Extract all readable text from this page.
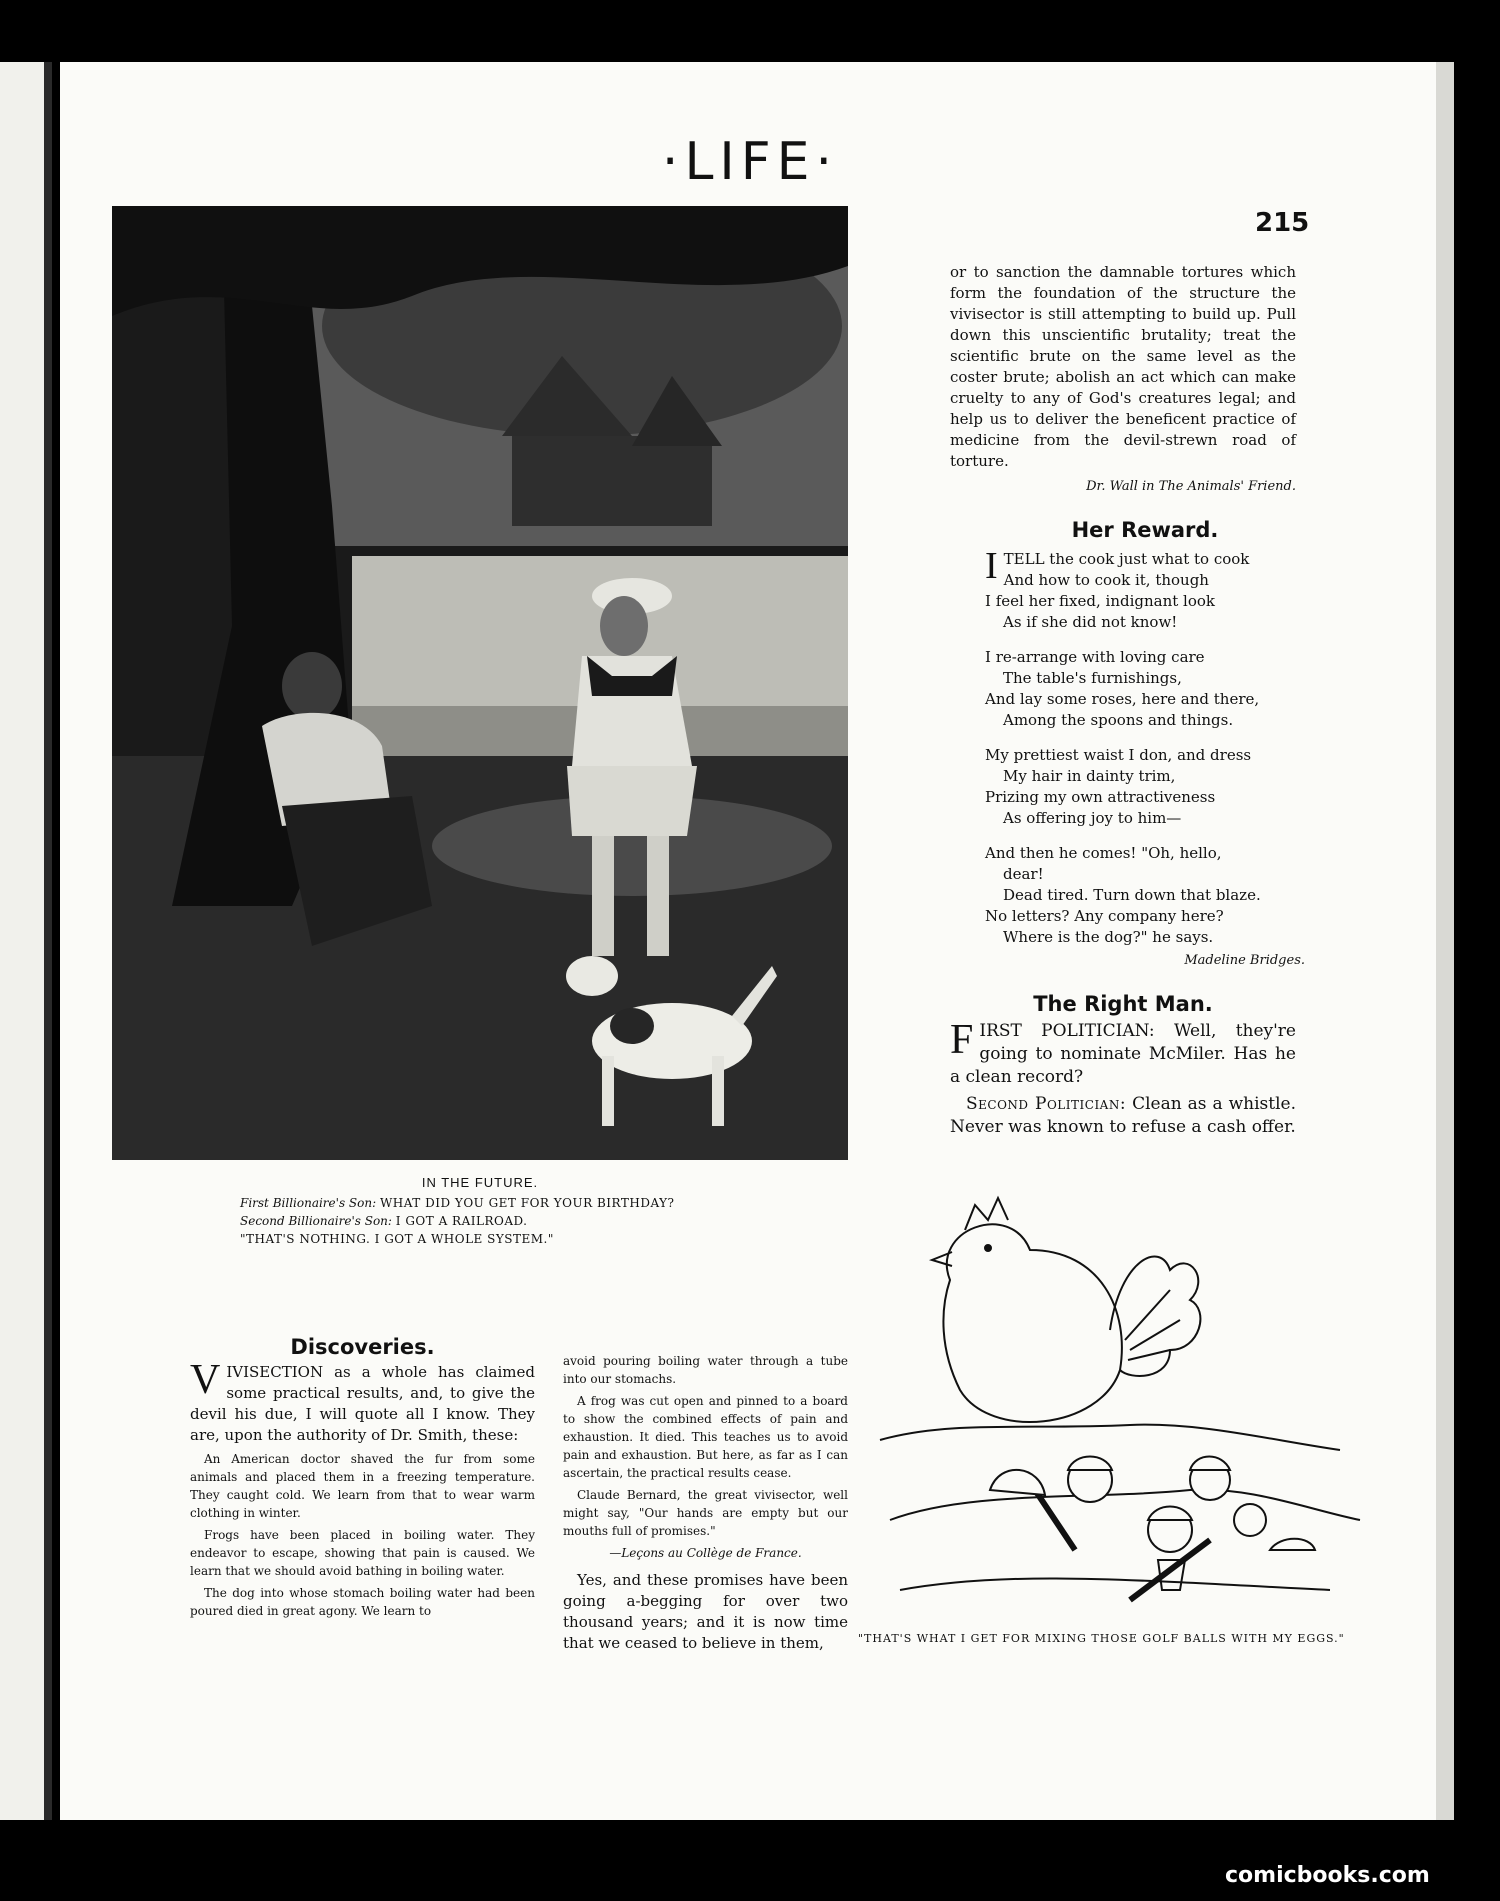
·LIFE·
215
IN THE FUTURE.
First Billionaire's Son: WHAT DID YOU GET FOR YOUR BIRTHDAY?
Second Billionaire's Son: I GOT A RAILROAD.
"THAT'S NOTHING. I GOT A WHOLE SYSTEM."

or to sanction the damnable tortures which form the foundation of the structure the vivisector is still attempting to build up. Pull down this unscientific brutality; treat the scientific brute on the same level as the coster brute; abolish an act which can make cruelty to any of God's creatures legal; and help us to deliver the beneficent practice of medicine from the devil-strewn road of torture.

Dr. Wall in The Animals' Friend.
Her Reward.
I TELL the cook just what to cook
And how to cook it, though
I feel her fixed, indignant look
As if she did not know!
I re-arrange with loving care
The table's furnishings,
And lay some roses, here and there,
Among the spoons and things.
My prettiest waist I don, and dress
My hair in dainty trim,
Prizing my own attractiveness
As offering joy to him—
And then he comes! "Oh, hello,
dear!
Dead tired. Turn down that blaze.
No letters? Any company here?
Where is the dog?" he says.
Madeline Bridges.
The Right Man.

F IRST POLITICIAN: Well, they're going to nominate McMiler. Has he a clean record?

Second Politician: Clean as a whistle. Never was known to refuse a cash offer.

"THAT'S WHAT I GET FOR MIXING THOSE GOLF BALLS WITH MY EGGS."
Discoveries.

V IVISECTION as a whole has claimed some practical results, and, to give the devil his due, I will quote all I know. They are, upon the authority of Dr. Smith, these:

An American doctor shaved the fur from some animals and placed them in a freezing temperature. They caught cold. We learn from that to wear warm clothing in winter.

Frogs have been placed in boiling water. They endeavor to escape, showing that pain is caused. We learn that we should avoid bathing in boiling water.

The dog into whose stomach boiling water had been poured died in great agony. We learn to

avoid pouring boiling water through a tube into our stomachs.

A frog was cut open and pinned to a board to show the combined effects of pain and exhaustion. It died. This teaches us to avoid pain and exhaustion. But here, as far as I can ascertain, the practical results cease.

Claude Bernard, the great vivisector, well might say, "Our hands are empty but our mouths full of promises."

—Leçons au Collège de France.

Yes, and these promises have been going a-begging for over two thousand years; and it is now time that we ceased to believe in them,

comicbooks.com
